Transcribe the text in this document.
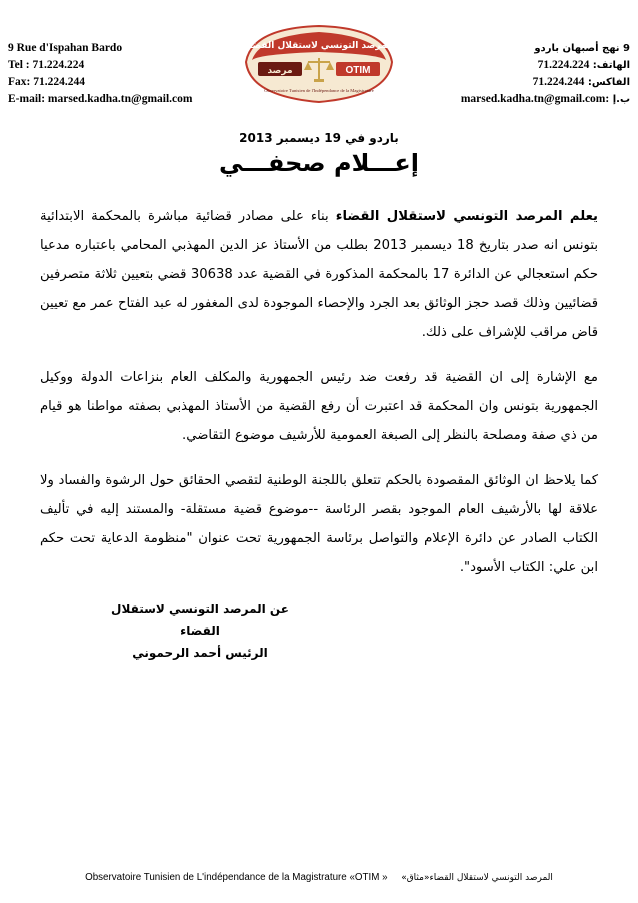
9 Rue d'Ispahan Bardo
Tel : 71.224.224
Fax: 71.224.244
E-mail: marsed.kadha.tn@gmail.com
المرصد التونسي لاستقلال القضاء
مرصد	OTIM
Observatoire Tunisien de l'Indépendance de la Magistrature
9 نهج أصبهان باردو
الهاتف: 71.224.224
الفاكس: 71.224.244
ب.إ marsed.kadha.tn@gmail.com:
باردو في 19 ديسمبر 2013
إعـــلام صحفـــي

يعلم المرصد التونسي لاستقلال القضاء بناء على مصادر قضائية مباشرة بالمحكمة الابتدائية بتونس انه صدر بتاريخ 18 ديسمبر 2013 بطلب من الأستاذ عز الدين المهذبي المحامي باعتباره مدعيا حكم استعجالي عن الدائرة 17 بالمحكمة المذكورة في القضية عدد 30638 قضي بتعيين ثلاثة متصرفين قضائيين وذلك قصد حجز الوثائق بعد الجرد والإحصاء الموجودة لدى المغفور له عبد الفتاح عمر مع تعيين قاض مراقب للإشراف على ذلك.

مع الإشارة إلى ان القضية قد رفعت ضد رئيس الجمهورية والمكلف العام بنزاعات الدولة ووكيل الجمهورية بتونس وان المحكمة قد اعتبرت أن رفع القضية من الأستاذ المهذبي بصفته مواطنا هو قيام من ذي صفة ومصلحة بالنظر إلى الصبغة العمومية للأرشيف موضوع التقاضي.

كما يلاحظ ان الوثائق المقصودة بالحكم تتعلق باللجنة الوطنية لتقصي الحقائق حول الرشوة والفساد ولا علاقة لها بالأرشيف العام الموجود بقصر الرئاسة --موضوع قضية مستقلة- والمستند إليه في تأليف الكتاب الصادر عن دائرة الإعلام والتواصل برئاسة الجمهورية تحت عنوان "منظومة الدعاية تحت حكم ابن علي: الكتاب الأسود".

عن المرصد التونسي لاستقلال القضاء
الرئيس أحمد الرحموني
Observatoire Tunisien de L'indépendance de la Magistrature «OTIM » المرصد التونسي لاستقلال القضاء«مثاق»
